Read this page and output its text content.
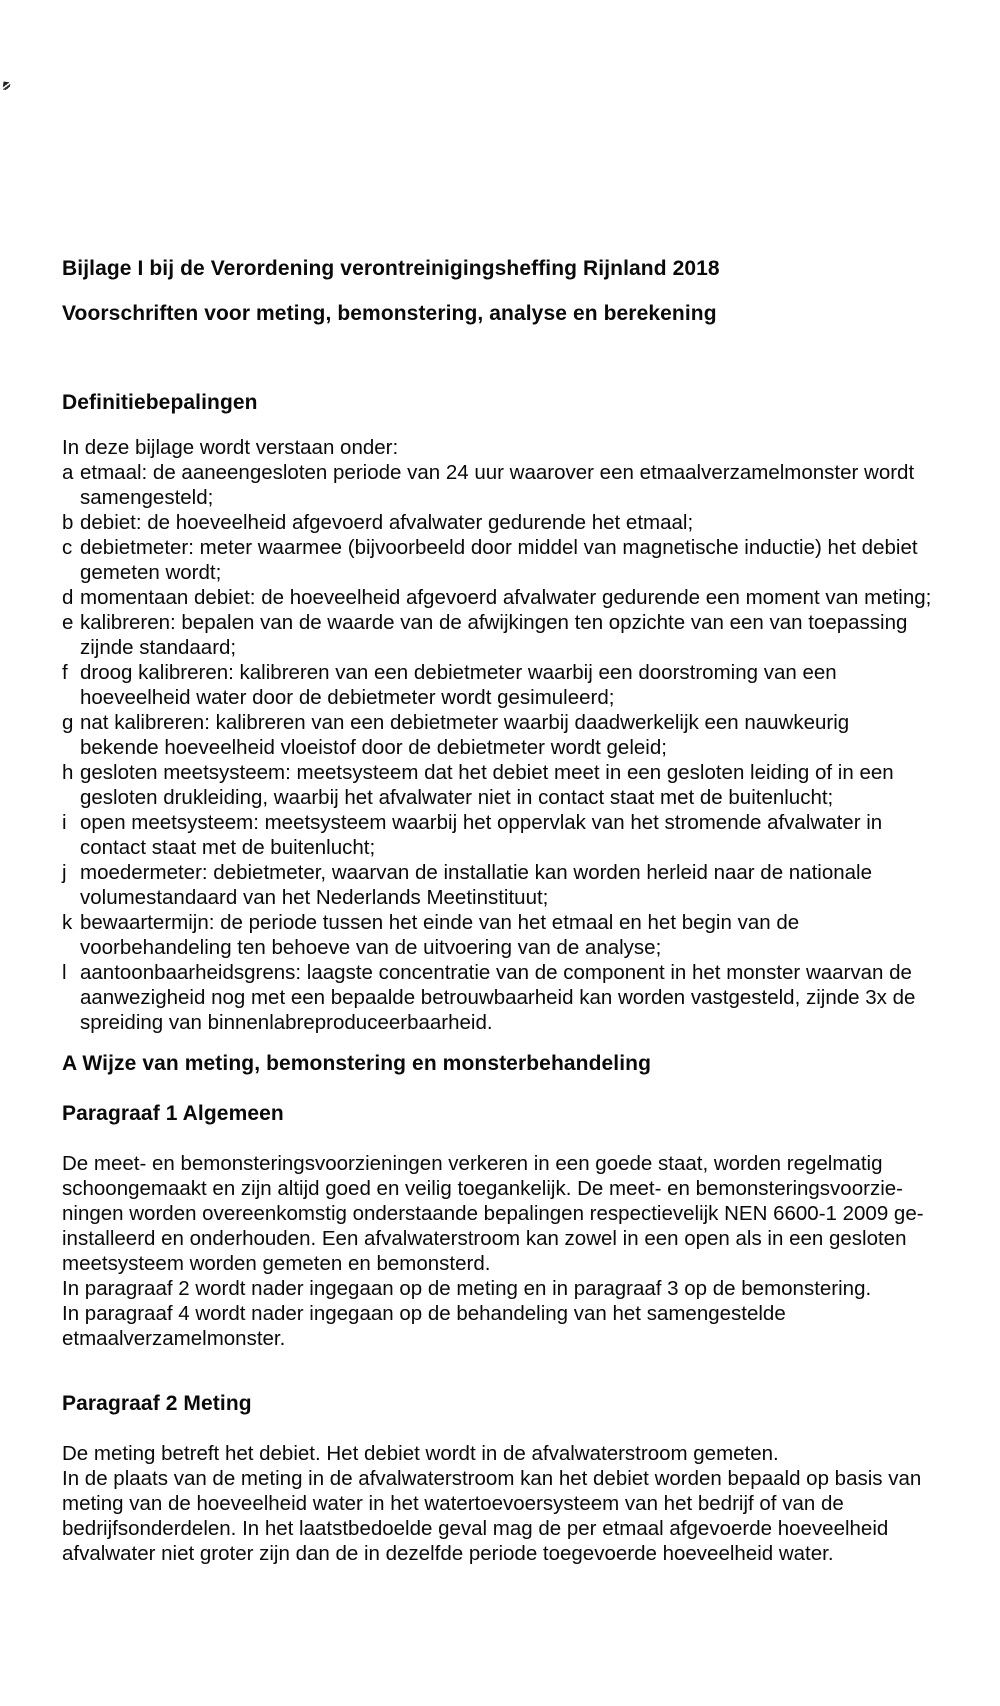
Bijlage I bij de Verordening verontreinigingsheffing Rijnland 2018
Voorschriften voor meting, bemonstering, analyse en berekening
Definitiebepalingen
In deze bijlage wordt verstaan onder:
a etmaal: de aaneengesloten periode van 24 uur waarover een etmaalverzamelmonster wordt
samengesteld;
b debiet: de hoeveelheid afgevoerd afvalwater gedurende het etmaal;
c debietmeter: meter waarmee (bijvoorbeeld door middel van magnetische inductie) het debiet
gemeten wordt;
d momentaan debiet: de hoeveelheid afgevoerd afvalwater gedurende een moment van meting;
e kalibreren: bepalen van de waarde van de afwijkingen ten opzichte van een van toepassing
zijnde standaard;
f droog kalibreren: kalibreren van een debietmeter waarbij een doorstroming van een
hoeveelheid water door de debietmeter wordt gesimuleerd;
g nat kalibreren: kalibreren van een debietmeter waarbij daadwerkelijk een nauwkeurig
bekende hoeveelheid vloeistof door de debietmeter wordt geleid;
h gesloten meetsysteem: meetsysteem dat het debiet meet in een gesloten leiding of in een
gesloten drukleiding, waarbij het afvalwater niet in contact staat met de buitenlucht;
i open meetsysteem: meetsysteem waarbij het oppervlak van het stromende afvalwater in
contact staat met de buitenlucht;
j moedermeter: debietmeter, waarvan de installatie kan worden herleid naar de nationale
volumestandaard van het Nederlands Meetinstituut;
k bewaartermijn: de periode tussen het einde van het etmaal en het begin van de
voorbehandeling ten behoeve van de uitvoering van de analyse;
l aantoonbaarheidsgrens: laagste concentratie van de component in het monster waarvan de
aanwezigheid nog met een bepaalde betrouwbaarheid kan worden vastgesteld, zijnde 3x de
spreiding van binnenlabreproduceerbaarheid.
A Wijze van meting, bemonstering en monsterbehandeling
Paragraaf 1 Algemeen
De meet- en bemonsteringsvoorzieningen verkeren in een goede staat, worden regelmatig
schoongemaakt en zijn altijd goed en veilig toegankelijk. De meet- en bemonsteringsvoorzie-
ningen worden overeenkomstig onderstaande bepalingen respectievelijk NEN 6600-1 2009 ge-
installeerd en onderhouden. Een afvalwaterstroom kan zowel in een open als in een gesloten
meetsysteem worden gemeten en bemonsterd.
In paragraaf 2 wordt nader ingegaan op de meting en in paragraaf 3 op de bemonstering.
In paragraaf 4 wordt nader ingegaan op de behandeling van het samengestelde
etmaalverzamelmonster.
Paragraaf 2 Meting
De meting betreft het debiet. Het debiet wordt in de afvalwaterstroom gemeten.
In de plaats van de meting in de afvalwaterstroom kan het debiet worden bepaald op basis van
meting van de hoeveelheid water in het watertoevoersysteem van het bedrijf of van de
bedrijfsonderdelen. In het laatstbedoelde geval mag de per etmaal afgevoerde hoeveelheid
afvalwater niet groter zijn dan de in dezelfde periode toegevoerde hoeveelheid water.
